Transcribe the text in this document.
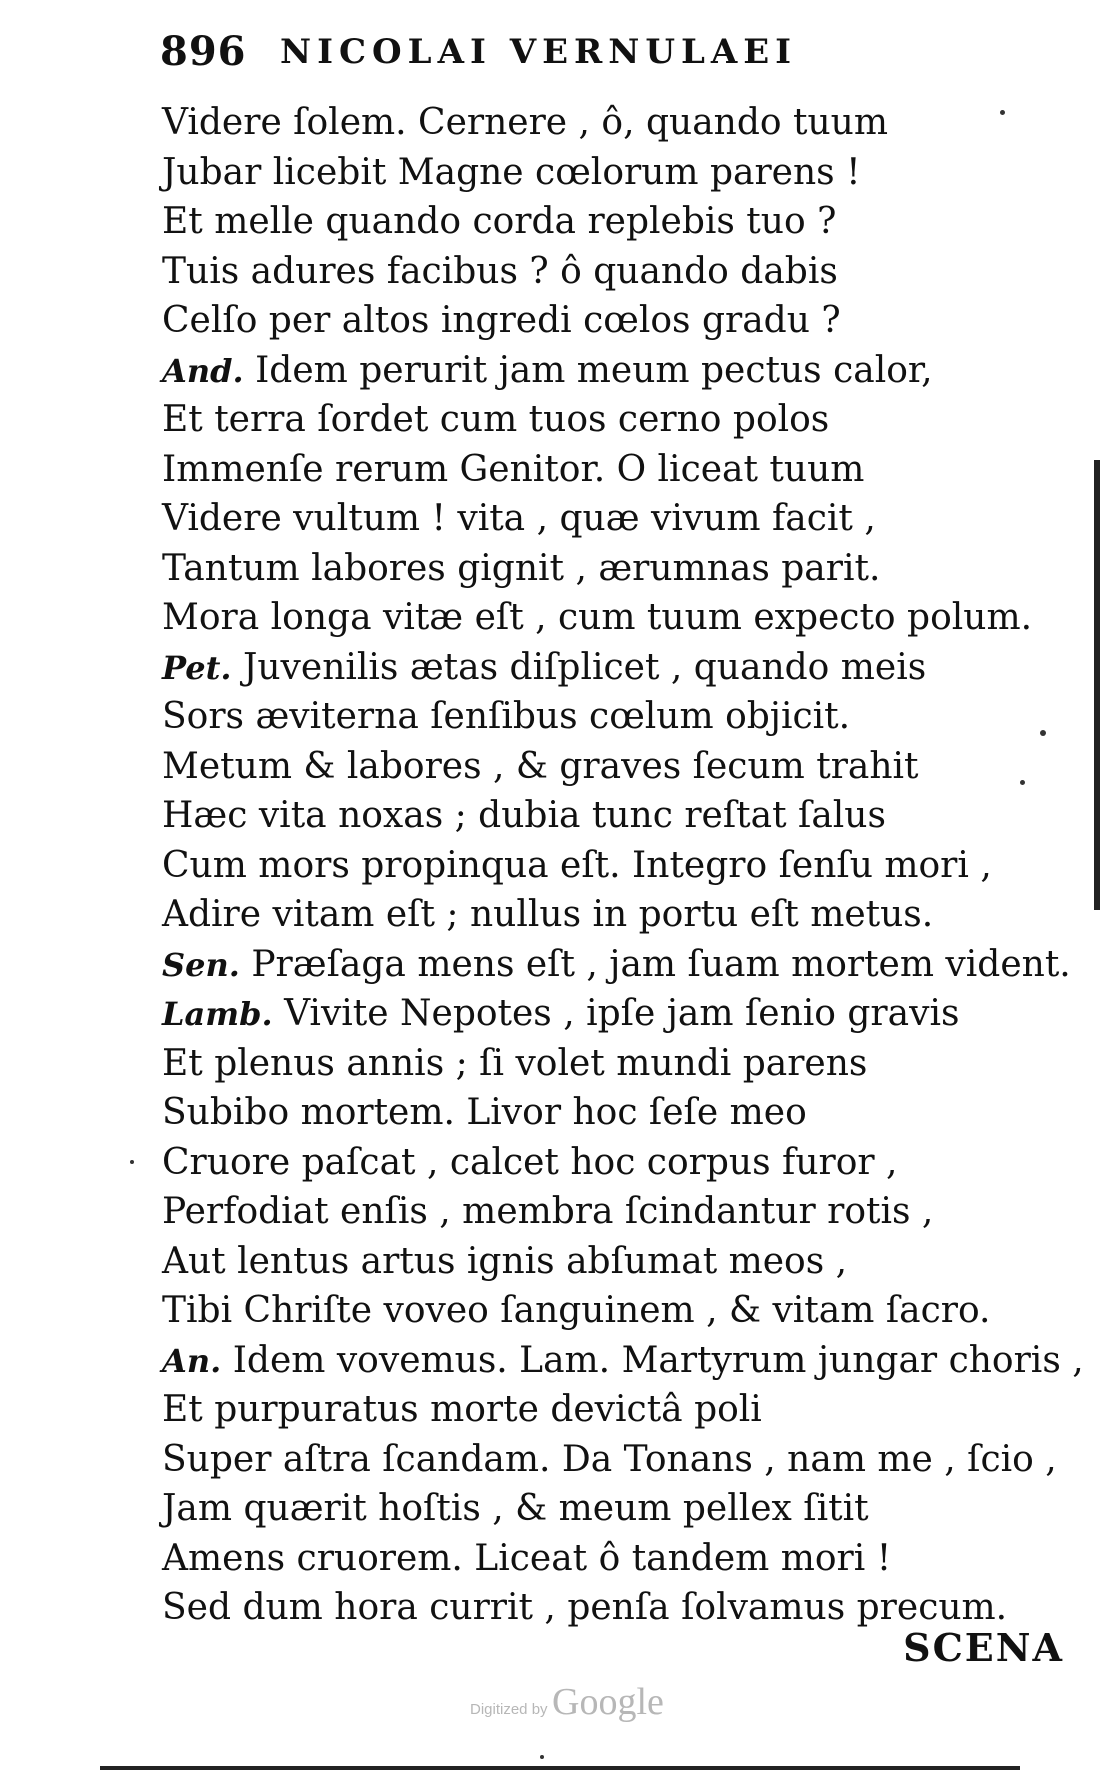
896 NICOLAI VERNULAEI
Videre ſolem. Cernere , ô, quando tuum
Jubar licebit Magne cœlorum parens !
Et melle quando corda replebis tuo ?
Tuis adures facibus ? ô quando dabis
Celſo per altos ingredi cœlos gradu ?
And. Idem perurit jam meum pectus calor,
Et terra ſordet cum tuos cerno polos
Immenſe rerum Genitor. O liceat tuum
Videre vultum ! vita , quæ vivum facit ,
Tantum labores gignit , ærumnas parit.
Mora longa vitæ eſt , cum tuum expecto polum.
Pet. Juvenilis ætas diſplicet , quando meis
Sors æviterna ſenſibus cœlum objicit.
Metum & labores , & graves ſecum trahit
Hæc vita noxas ; dubia tunc reſtat ſalus
Cum mors propinqua eſt. Integro ſenſu mori ,
Adire vitam eſt ; nullus in portu eſt metus.
Sen. Præſaga mens eſt , jam ſuam mortem vident.
Lamb. Vivite Nepotes , ipſe jam ſenio gravis
Et plenus annis ; ſi volet mundi parens
Subibo mortem. Livor hoc ſeſe meo
Cruore paſcat , calcet hoc corpus furor ,
Perfodiat enſis , membra ſcindantur rotis ,
Aut lentus artus ignis abſumat meos ,
Tibi Chriſte voveo ſanguinem , & vitam ſacro.
An. Idem vovemus. Lam. Martyrum jungar choris ,
Et purpuratus morte devictâ poli
Super aſtra ſcandam. Da Tonans , nam me , ſcio ,
Jam quærit hoſtis , & meum pellex ſitit
Amens cruorem. Liceat ô tandem mori !
Sed dum hora currit , penſa ſolvamus precum.
SCENA
Digitized by Google
